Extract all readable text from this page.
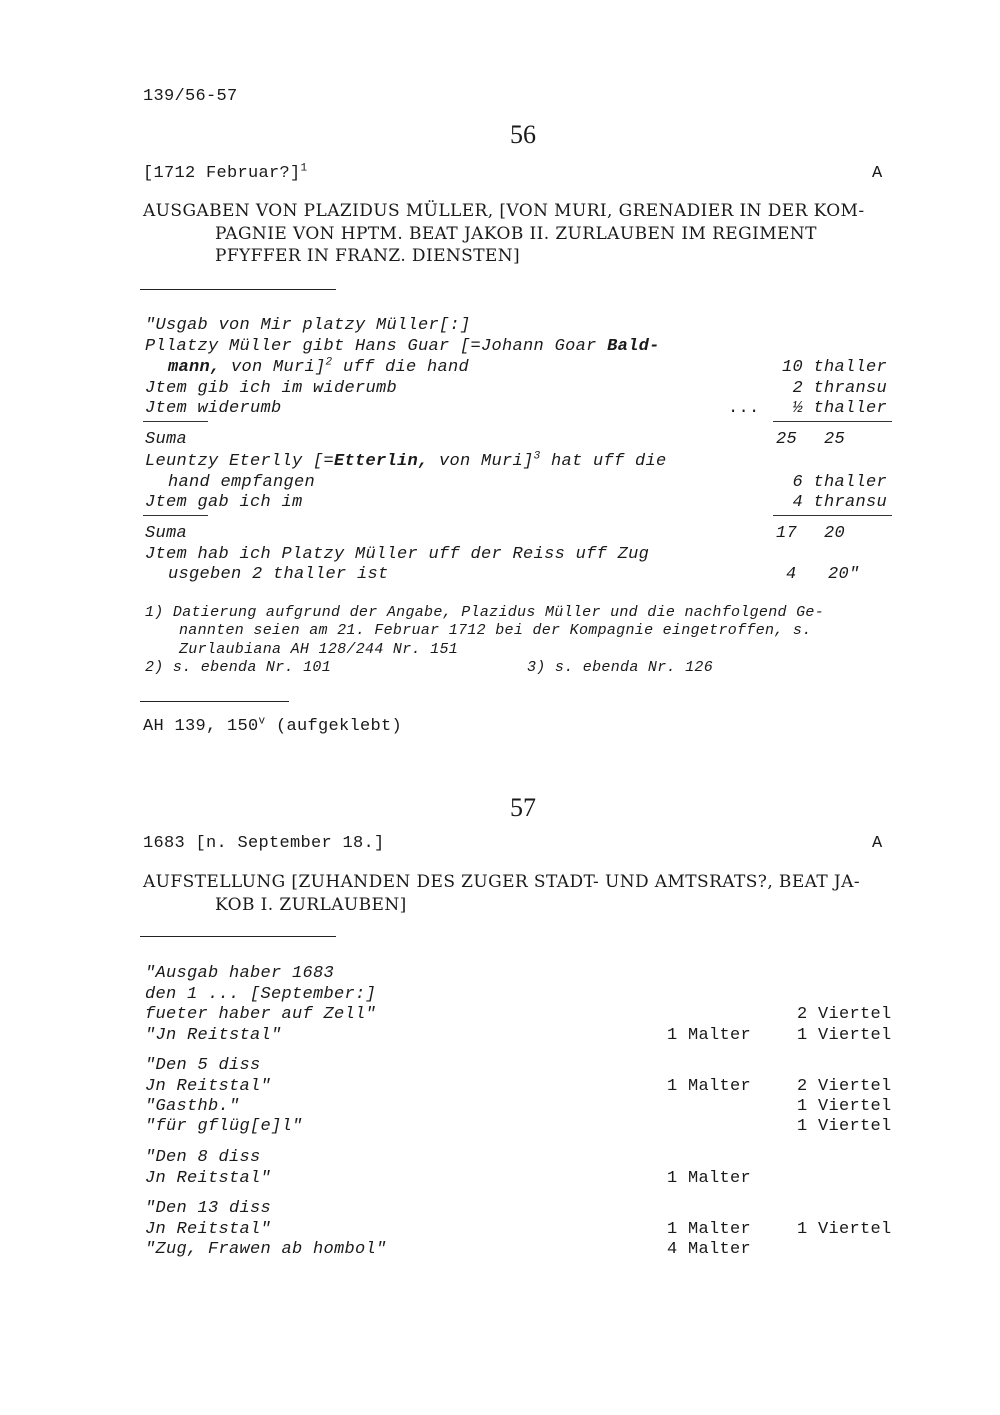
139/56-57
56
[1712 Februar?]$^1$	A
AUSGABEN VON PLAZIDUS MÜLLER, [VON MURI, GRENADIER IN DER KOM-
PAGNIE VON HPTM. BEAT JAKOB II. ZURLAUBEN IM REGIMENT
PFYFFER IN FRANZ. DIENSTEN]
"Usgab von Mir platzy Müller[:]
Pllatzy Müller gibt Hans Guar [=Johann Goar Bald-
mann, von Muri]$^2$ uff die hand	10 thaller
Jtem gib ich im widerumb	2 thransu
Jtem widerumb	...	½ thaller
Suma	25 25
Leuntzy Eterlly [=Etterlin, von Muri]$^3$ hat uff die
hand empfangen	6 thaller
Jtem gab ich im	4 thransu
Suma	17 20
Jtem hab ich Platzy Müller uff der Reiss uff Zug
usgeben 2 thaller ist	4   20"
1) Datierung aufgrund der Angabe, Plazidus Müller und die nachfolgend Ge-
nannten seien am 21. Februar 1712 bei der Kompagnie eingetroffen, s.
Zurlaubiana AH 128/244 Nr. 151
2) s. ebenda Nr. 101	3) s. ebenda Nr. 126
AH 139, 150$^v$ (aufgeklebt)
57
1683 [n. September 18.]	A
AUFSTELLUNG [ZUHANDEN DES ZUGER STADT- UND AMTSRATS?, BEAT JA-
KOB I. ZURLAUBEN]
"Ausgab haber 1683
den 1 ... [September:]
fueter haber auf Zell"	2 Viertel
"Jn Reitstal"	1 Malter	1 Viertel
"Den 5 diss
Jn Reitstal"	1 Malter	2 Viertel
"Gasthb."	1 Viertel
"für gflüg[e]l"	1 Viertel
"Den 8 diss
Jn Reitstal"	1 Malter
"Den 13 diss
Jn Reitstal"	1 Malter	1 Viertel
"Zug, Frawen ab hombol"	4 Malter
